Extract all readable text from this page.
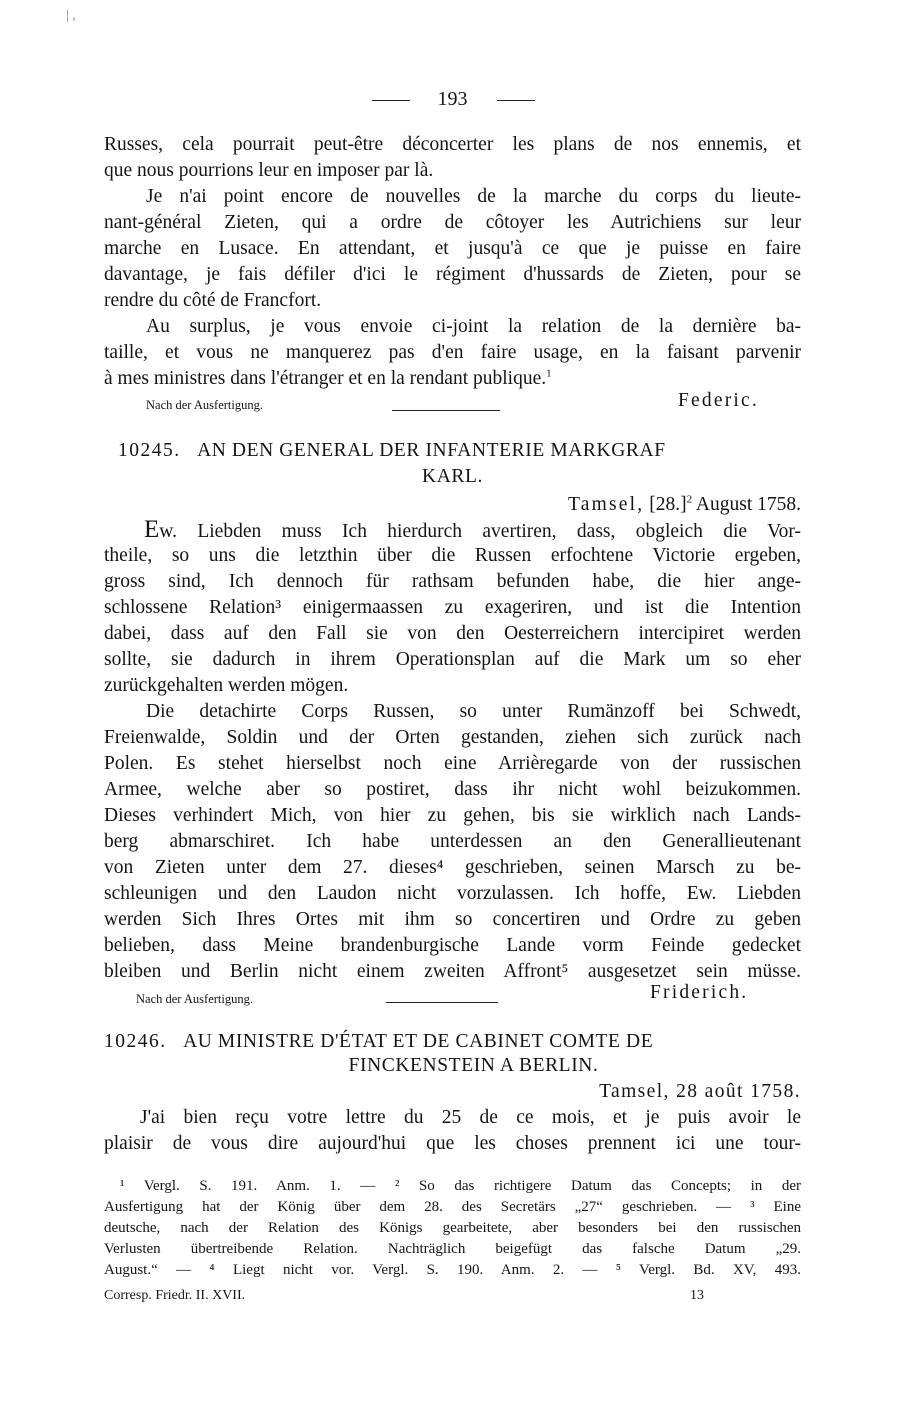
| ,
193
Russes, cela pourrait peut-être déconcerter les plans de nos ennemis, et
que nous pourrions leur en imposer par là.
Je n'ai point encore de nouvelles de la marche du corps du lieute-
nant-général Zieten, qui a ordre de côtoyer les Autrichiens sur leur
marche en Lusace. En attendant, et jusqu'à ce que je puisse en faire
davantage, je fais défiler d'ici le régiment d'hussards de Zieten, pour se
rendre du côté de Francfort.
Au surplus, je vous envoie ci-joint la relation de la dernière ba-
taille, et vous ne manquerez pas d'en faire usage, en la faisant parvenir
à mes ministres dans l'étranger et en la rendant publique.$^1$
Nach der Ausfertigung.	Federic.
10245. AN DEN GENERAL DER INFANTERIE MARKGRAF
KARL.
Tamsel, $[28.]^2$ August 1758.
Ew. Liebden muss Ich hierdurch avertiren, dass, obgleich die Vor-
theile, so uns die letzthin über die Russen erfochtene Victorie ergeben,
gross sind, Ich dennoch für rathsam befunden habe, die hier ange-
schlossene Relation³ einigermaassen zu exageriren, und ist die Intention
dabei, dass auf den Fall sie von den Oesterreichern intercipiret werden
sollte, sie dadurch in ihrem Operationsplan auf die Mark um so eher
zurückgehalten werden mögen.
Die detachirte Corps Russen, so unter Rumänzoff bei Schwedt,
Freienwalde, Soldin und der Orten gestanden, ziehen sich zurück nach
Polen. Es stehet hierselbst noch eine Arrièregarde von der russischen
Armee, welche aber so postiret, dass ihr nicht wohl beizukommen.
Dieses verhindert Mich, von hier zu gehen, bis sie wirklich nach Lands-
berg abmarschiret. Ich habe unterdessen an den Generallieutenant
von Zieten unter dem 27. dieses⁴ geschrieben, seinen Marsch zu be-
schleunigen und den Laudon nicht vorzulassen. Ich hoffe, Ew. Liebden
werden Sich Ihres Ortes mit ihm so concertiren und Ordre zu geben
belieben, dass Meine brandenburgische Lande vorm Feinde gedecket
bleiben und Berlin nicht einem zweiten Affront⁵ ausgesetzet sein müsse.
Nach der Ausfertigung.	Friderich.
10246. AU MINISTRE D'ÉTAT ET DE CABINET COMTE DE
FINCKENSTEIN A BERLIN.
Tamsel, 28 août 1758.
J'ai bien reçu votre lettre du 25 de ce mois, et je puis avoir le
plaisir de vous dire aujourd'hui que les choses prennent ici une tour-
¹ Vergl. S. 191. Anm. 1. — ² So das richtigere Datum das Concepts; in der
Ausfertigung hat der König über dem 28. des Secretärs „27“ geschrieben. — ³ Eine
deutsche, nach der Relation des Königs gearbeitete, aber besonders bei den russischen
Verlusten übertreibende Relation. Nachträglich beigefügt das falsche Datum „29.
August.“ — ⁴ Liegt nicht vor. Vergl. S. 190. Anm. 2. — ⁵ Vergl. Bd. XV, 493.
Corresp. Friedr. II. XVII.	13
